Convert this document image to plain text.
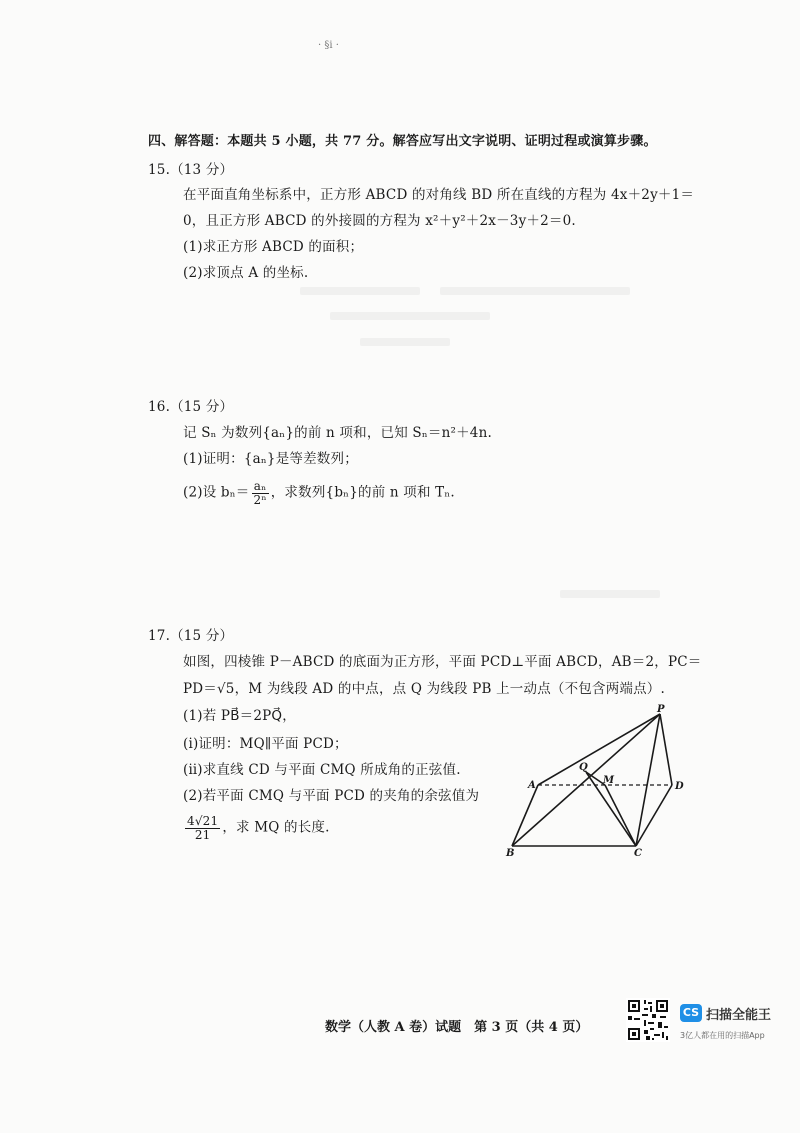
· §i ·
四、解答题：本题共 5 小题，共 77 分。解答应写出文字说明、证明过程或演算步骤。
15.（13 分）
在平面直角坐标系中，正方形 ABCD 的对角线 BD 所在直线的方程为 4x＋2y＋1＝
0，且正方形 ABCD 的外接圆的方程为 x²＋y²＋2x－3y＋2＝0.
(1)求正方形 ABCD 的面积；
(2)求顶点 A 的坐标.
16.（15 分）
记 Sₙ 为数列{aₙ}的前 n 项和，已知 Sₙ＝n²＋4n.
(1)证明：{aₙ}是等差数列；
(2)设 $b_n= \frac{\text{aₙ}}{\text{2ⁿ}}$ ，求数列{bₙ}的前 n 项和 Tₙ.
17.（15 分）
如图，四棱锥 P－ABCD 的底面为正方形，平面 PCD⊥平面 ABCD，AB＝2，PC＝
PD＝√5，M 为线段 AD 的中点，点 Q 为线段 PB 上一动点（不包含两端点）.
(1)若 PB⃗＝2PQ⃗，
(ⅰ)证明：MQ∥平面 PCD；
(ⅱ)求直线 CD 与平面 CMQ 所成角的正弦值.
(2)若平面 CMQ 与平面 PCD 的夹角的余弦值为
$\frac{4√21}{21}$ ，求 MQ 的长度.
P
A
Q
M
D
B	C
数学（人教 A 卷）试题　第 3 页（共 4 页）
CS 扫描全能王
3亿人都在用的扫描App
